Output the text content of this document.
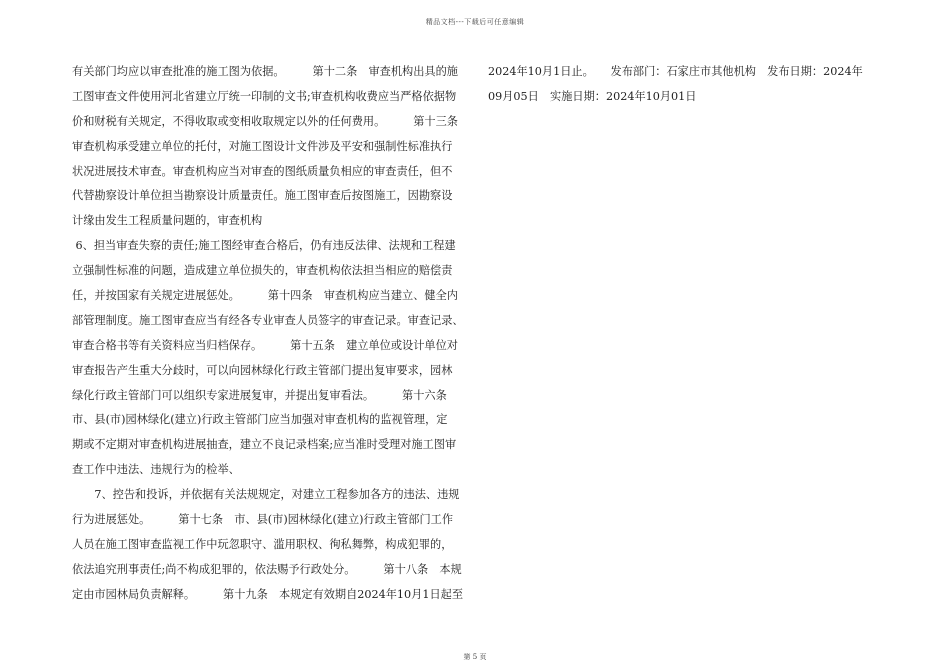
精品文档---下载后可任意编辑
有关部门均应以审查批准的施工图为依据。　　　第十二条　审查机构出具的施
工图审查文件使用河北省建立厅统一印制的文书;审查机构收费应当严格依据物
价和财税有关规定，不得收取或变相收取规定以外的任何费用。　　　第十三条
审查机构承受建立单位的托付，对施工图设计文件涉及平安和强制性标准执行
状况进展技术审查。审查机构应当对审查的图纸质量负相应的审查责任，但不
代替勘察设计单位担当勘察设计质量责任。施工图审查后按图施工，因勘察设
计缘由发生工程质量问题的，审查机构
6、担当审查失察的责任;施工图经审查合格后，仍有违反法律、法规和工程建
立强制性标准的问题，造成建立单位损失的，审查机构依法担当相应的赔偿责
任，并按国家有关规定进展惩处。　　　第十四条　审查机构应当建立、健全内
部管理制度。施工图审查应当有经各专业审查人员签字的审查记录。审查记录、
审查合格书等有关资料应当归档保存。　　　第十五条　建立单位或设计单位对
审查报告产生重大分歧时，可以向园林绿化行政主管部门提出复审要求，园林
绿化行政主管部门可以组织专家进展复审，并提出复审看法。　　　第十六条
市、县(市)园林绿化(建立)行政主管部门应当加强对审查机构的监视管理，定
期或不定期对审查机构进展抽查，建立不良记录档案;应当准时受理对施工图审
查工作中违法、违规行为的检举、
　　7、控告和投诉，并依据有关法规规定，对建立工程参加各方的违法、违规
行为进展惩处。　　　第十七条　市、县(市)园林绿化(建立)行政主管部门工作
人员在施工图审查监视工作中玩忽职守、滥用职权、徇私舞弊，构成犯罪的，
依法追究刑事责任;尚不构成犯罪的，依法赐予行政处分。　　　第十八条　本规
定由市园林局负责解释。　　　第十九条　本规定有效期自2024年10月1日起至
2024年10月1日止。　　发布部门：石家庄市其他机构　发布日期：2024年
09月05日　实施日期：2024年10月01日
第 5 页
